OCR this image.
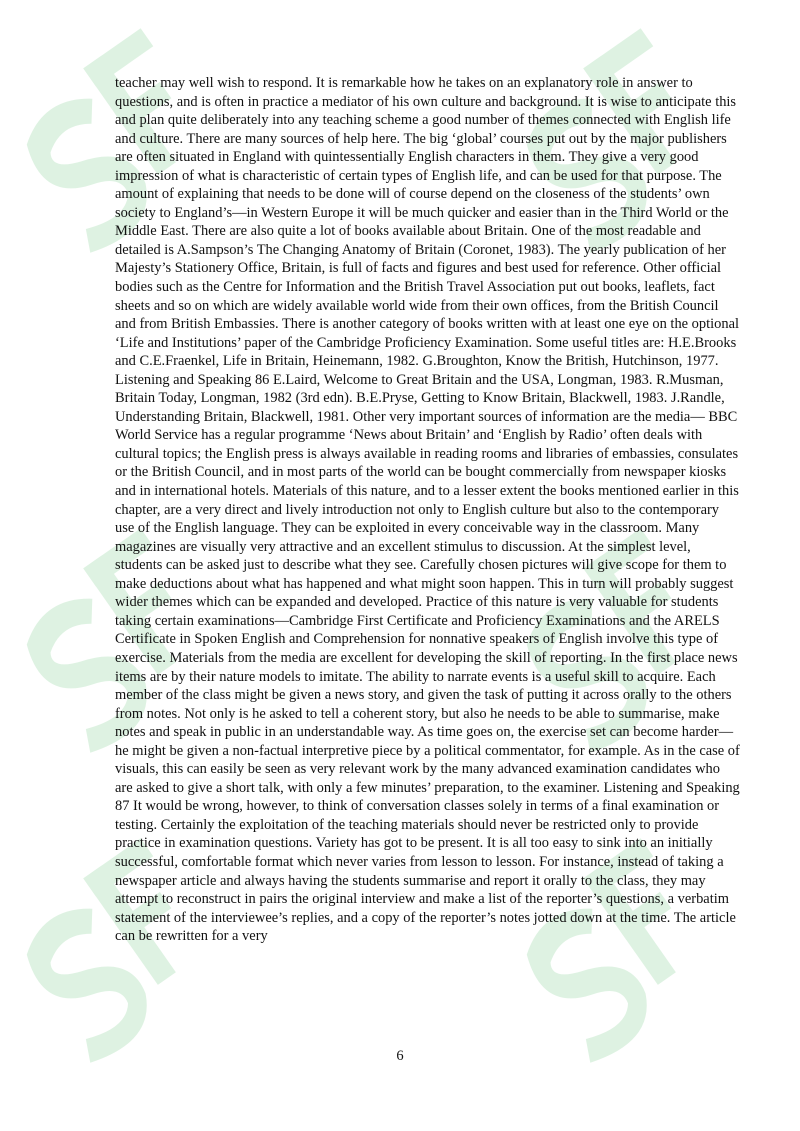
teacher may well wish to respond. It is remarkable how he takes on an explanatory role in answer to questions, and is often in practice a mediator of his own culture and background. It is wise to anticipate this and plan quite deliberately into any teaching scheme a good number of themes connected with English life and culture. There are many sources of help here. The big ‘global’ courses put out by the major publishers are often situated in England with quintessentially English characters in them. They give a very good impression of what is characteristic of certain types of English life, and can be used for that purpose. The amount of explaining that needs to be done will of course depend on the closeness of the students’ own society to England’s—in Western Europe it will be much quicker and easier than in the Third World or the Middle East. There are also quite a lot of books available about Britain. One of the most readable and detailed is A.Sampson’s The Changing Anatomy of Britain (Coronet, 1983). The yearly publication of her Majesty’s Stationery Office, Britain, is full of facts and figures and best used for reference. Other official bodies such as the Centre for Information and the British Travel Association put out books, leaflets, fact sheets and so on which are widely available world wide from their own offices, from the British Council and from British Embassies. There is another category of books written with at least one eye on the optional ‘Life and Institutions’ paper of the Cambridge Proficiency Examination. Some useful titles are: H.E.Brooks and C.E.Fraenkel, Life in Britain, Heinemann, 1982. G.Broughton, Know the British, Hutchinson, 1977. Listening and Speaking 86 E.Laird, Welcome to Great Britain and the USA, Longman, 1983. R.Musman, Britain Today, Longman, 1982 (3rd edn). B.E.Pryse, Getting to Know Britain, Blackwell, 1983. J.Randle, Understanding Britain, Blackwell, 1981. Other very important sources of information are the media— BBC World Service has a regular programme ‘News about Britain’ and ‘English by Radio’ often deals with cultural topics; the English press is always available in reading rooms and libraries of embassies, consulates or the British Council, and in most parts of the world can be bought commercially from newspaper kiosks and in international hotels. Materials of this nature, and to a lesser extent the books mentioned earlier in this chapter, are a very direct and lively introduction not only to English culture but also to the contemporary use of the English language. They can be exploited in every conceivable way in the classroom. Many magazines are visually very attractive and an excellent stimulus to discussion. At the simplest level, students can be asked just to describe what they see. Carefully chosen pictures will give scope for them to make deductions about what has happened and what might soon happen. This in turn will probably suggest wider themes which can be expanded and developed. Practice of this nature is very valuable for students taking certain examinations—Cambridge First Certificate and Proficiency Examinations and the ARELS Certificate in Spoken English and Comprehension for nonnative speakers of English involve this type of exercise. Materials from the media are excellent for developing the skill of reporting. In the first place news items are by their nature models to imitate. The ability to narrate events is a useful skill to acquire. Each member of the class might be given a news story, and given the task of putting it across orally to the others from notes. Not only is he asked to tell a coherent story, but also he needs to be able to summarise, make notes and speak in public in an understandable way. As time goes on, the exercise set can become harder—he might be given a non-factual interpretive piece by a political commentator, for example. As in the case of visuals, this can easily be seen as very relevant work by the many advanced examination candidates who are asked to give a short talk, with only a few minutes’ preparation, to the examiner. Listening and Speaking 87 It would be wrong, however, to think of conversation classes solely in terms of a final examination or testing. Certainly the exploitation of the teaching materials should never be restricted only to provide practice in examination questions. Variety has got to be present. It is all too easy to sink into an initially successful, comfortable format which never varies from lesson to lesson. For instance, instead of taking a newspaper article and always having the students summarise and report it orally to the class, they may attempt to reconstruct in pairs the original interview and make a list of the reporter’s questions, a verbatim statement of the interviewee’s replies, and a copy of the reporter’s notes jotted down at the time. The article can be rewritten for a very

6
